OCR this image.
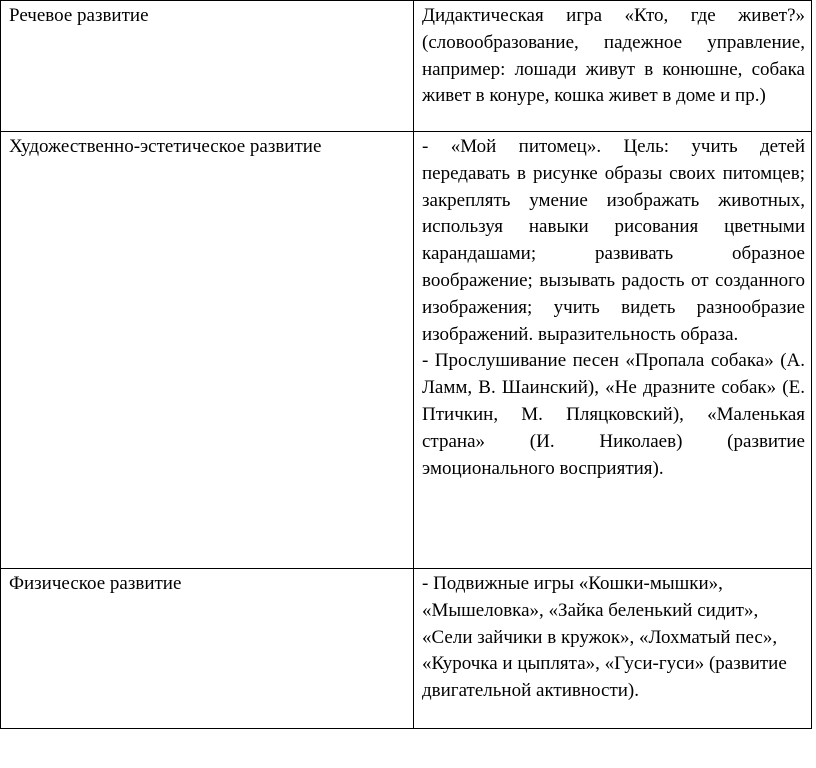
Речевое развитие	Дидактическая игра «Кто, где живет?» (словообразование, падежное управление, например: лошади живут в конюшне, собака живет в конуре, кошка живет в доме и пр.)

Художественно-эстетическое развитие	- «Мой питомец». Цель: учить детей передавать в рисунке образы своих питомцев; закреплять умение изображать животных, используя навыки рисования цветными карандашами; развивать образное воображение; вызывать радость от созданного изображения; учить видеть разнообразие изображений. выразительность образа.
- Прослушивание песен «Пропала собака» (А. Ламм, В. Шаинский), «Не дразните собак» (Е. Птичкин, М. Пляцковский), «Маленькая страна» (И. Николаев) (развитие эмоционального восприятия).

Физическое развитие	- Подвижные игры «Кошки-мышки», «Мышеловка», «Зайка беленький сидит», «Сели зайчики в кружок», «Лохматый пес», «Курочка и цыплята», «Гуси-гуси» (развитие двигательной активности).
